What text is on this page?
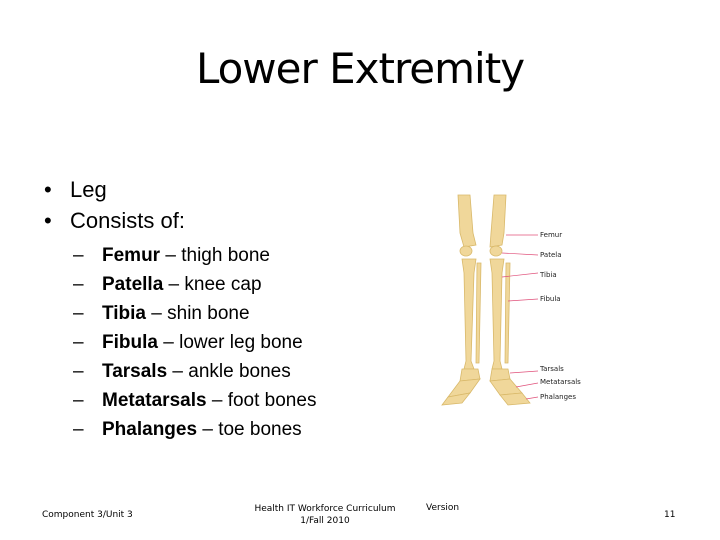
Lower Extremity
• Leg
• Consists of:
– Femur – thigh bone
– Patella – knee cap
– Tibia – shin bone
– Fibula – lower leg bone
– Tarsals – ankle bones
– Metatarsals – foot bones
– Phalanges – toe bones
Femur
Patela
Tibia
Fibula
Tarsals
Metatarsals
Phalanges
Component 3/Unit 3
Health IT Workforce Curriculum
1/Fall 2010
Version
11
